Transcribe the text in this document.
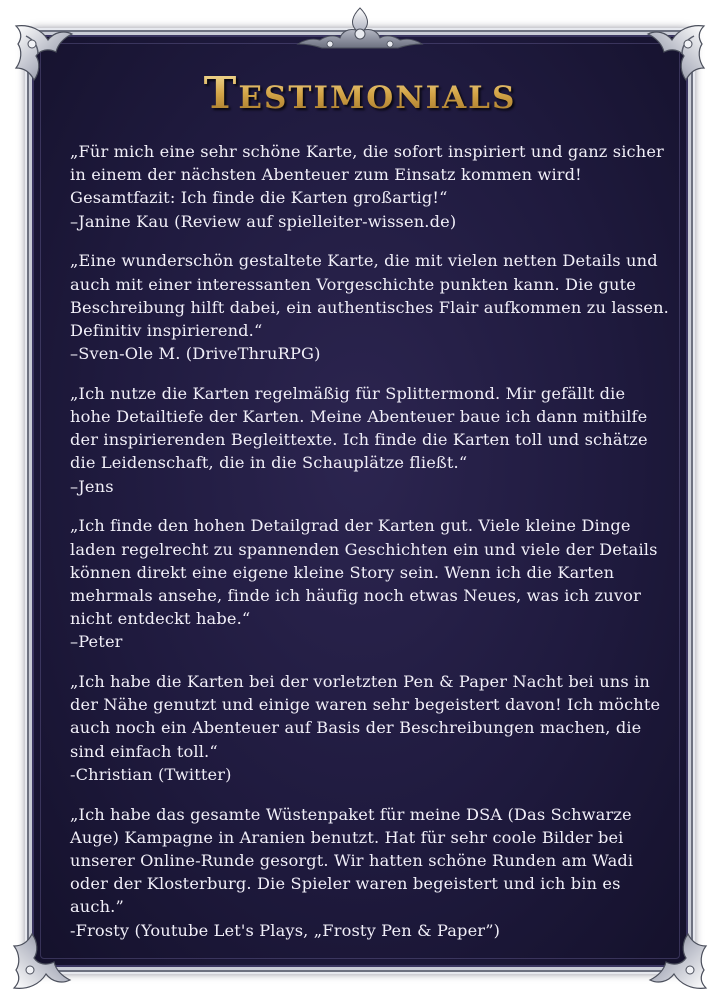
Testimonials
„Für mich eine sehr schöne Karte, die sofort inspiriert und ganz sicher in einem der nächsten Abenteuer zum Einsatz kommen wird! Gesamtfazit: Ich finde die Karten großartig!“
–Janine Kau (Review auf spielleiter-wissen.de)
„Eine wunderschön gestaltete Karte, die mit vielen netten Details und auch mit einer interessanten Vorgeschichte punkten kann. Die gute Beschreibung hilft dabei, ein authentisches Flair aufkommen zu lassen. Definitiv inspirierend.“
–Sven-Ole M. (DriveThruRPG)
„Ich nutze die Karten regelmäßig für Splittermond. Mir gefällt die hohe Detailtiefe der Karten. Meine Abenteuer baue ich dann mithilfe der inspirierenden Begleittexte. Ich finde die Karten toll und schätze die Leidenschaft, die in die Schauplätze fließt.“
–Jens
„Ich finde den hohen Detailgrad der Karten gut. Viele kleine Dinge laden regelrecht zu spannenden Geschichten ein und viele der Details können direkt eine eigene kleine Story sein. Wenn ich die Karten mehrmals ansehe, finde ich häufig noch etwas Neues, was ich zuvor nicht entdeckt habe.“
–Peter
„Ich habe die Karten bei der vorletzten Pen & Paper Nacht bei uns in der Nähe genutzt und einige waren sehr begeistert davon! Ich möchte auch noch ein Abenteuer auf Basis der Beschreibungen machen, die sind einfach toll.“
-Christian (Twitter)
„Ich habe das gesamte Wüstenpaket für meine DSA (Das Schwarze Auge) Kampagne in Aranien benutzt. Hat für sehr coole Bilder bei unserer Online-Runde gesorgt. Wir hatten schöne Runden am Wadi oder der Klosterburg. Die Spieler waren begeistert und ich bin es auch.”
-Frosty (Youtube Let's Plays, „Frosty Pen & Paper”)
